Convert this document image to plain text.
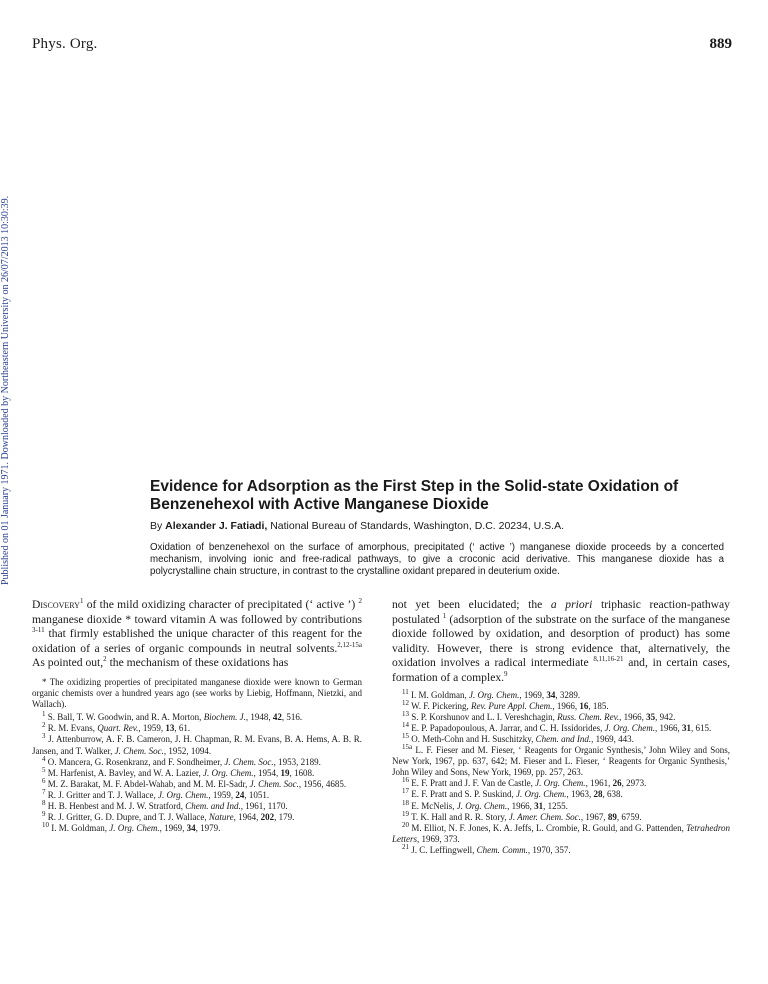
Phys. Org.	889
Published on 01 January 1971. Downloaded by Northeastern University on 26/07/2013 10:30:39.	Evidence for Adsorption as the First Step in the Solid-state Oxidation of Benzenehexol with Active Manganese Dioxide
By Alexander J. Fatiadi, National Bureau of Standards, Washington, D.C. 20234, U.S.A.
Oxidation of benzenehexol on the surface of amorphous, precipitated (‘ active ’) manganese dioxide proceeds by a concerted mechanism, involving ionic and free-radical pathways, to give a croconic acid derivative. This manganese dioxide has a polycrystalline chain structure, in contrast to the crystalline oxidant prepared in deuterium oxide.

Discovery$^1$ of the mild oxidizing character of precipitated (‘ active ’) $^2$ manganese dioxide * toward vitamin A was followed by contributions $^{3-11}$ that firmly established the unique character of this reagent for the oxidation of a series of organic compounds in neutral solvents.$^{2,12-15a}$ As pointed out,$^2$ the mechanism of these oxidations has

* The oxidizing properties of precipitated manganese dioxide were known to German organic chemists over a hundred years ago (see works by Liebig, Hoffmann, Nietzki, and Wallach).

$^1$ S. Ball, T. W. Goodwin, and R. A. Morton, Biochem. J., 1948, 42, 516.

$^2$ R. M. Evans, Quart. Rev., 1959, 13, 61.

$^3$ J. Attenburrow, A. F. B. Cameron, J. H. Chapman, R. M. Evans, B. A. Hems, A. B. R. Jansen, and T. Walker, J. Chem. Soc., 1952, 1094.

$^4$ O. Mancera, G. Rosenkranz, and F. Sondheimer, J. Chem. Soc., 1953, 2189.

$^5$ M. Harfenist, A. Bavley, and W. A. Lazier, J. Org. Chem., 1954, 19, 1608.

$^6$ M. Z. Barakat, M. F. Abdel-Wahab, and M. M. El-Sadr, J. Chem. Soc., 1956, 4685.

$^7$ R. J. Gritter and T. J. Wallace, J. Org. Chem., 1959, 24, 1051.

$^8$ H. B. Henbest and M. J. W. Stratford, Chem. and Ind., 1961, 1170.

$^9$ R. J. Gritter, G. D. Dupre, and T. J. Wallace, Nature, 1964, 202, 179.

$^{10}$ I. M. Goldman, J. Org. Chem., 1969, 34, 1979.

not yet been elucidated; the a priori triphasic reaction-pathway postulated $^1$ (adsorption of the substrate on the surface of the manganese dioxide followed by oxidation, and desorption of product) has some validity. However, there is strong evidence that, alternatively, the oxidation involves a radical intermediate $^{8,11,16-21}$ and, in certain cases, formation of a complex.$^9$

$^{11}$ I. M. Goldman, J. Org. Chem., 1969, 34, 3289.

$^{12}$ W. F. Pickering, Rev. Pure Appl. Chem., 1966, 16, 185.

$^{13}$ S. P. Korshunov and L. I. Vereshchagin, Russ. Chem. Rev., 1966, 35, 942.

$^{14}$ E. P. Papadopoulous, A. Jarrar, and C. H. Issidorides, J. Org. Chem., 1966, 31, 615.

$^{15}$ O. Meth-Cohn and H. Suschitzky, Chem. and Ind., 1969, 443.

$^{15a}$ L. F. Fieser and M. Fieser, ‘ Reagents for Organic Synthesis,’ John Wiley and Sons, New York, 1967, pp. 637, 642; M. Fieser and L. Fieser, ‘ Reagents for Organic Synthesis,’ John Wiley and Sons, New York, 1969, pp. 257, 263.

$^{16}$ E. F. Pratt and J. F. Van de Castle, J. Org. Chem., 1961, 26, 2973.

$^{17}$ E. F. Pratt and S. P. Suskind, J. Org. Chem., 1963, 28, 638.

$^{18}$ E. McNelis, J. Org. Chem., 1966, 31, 1255.

$^{19}$ T. K. Hall and R. R. Story, J. Amer. Chem. Soc., 1967, 89, 6759.

$^{20}$ M. Elliot, N. F. Jones, K. A. Jeffs, L. Crombie, R. Gould, and G. Pattenden, Tetrahedron Letters, 1969, 373.

$^{21}$ J. C. Leffingwell, Chem. Comm., 1970, 357.
